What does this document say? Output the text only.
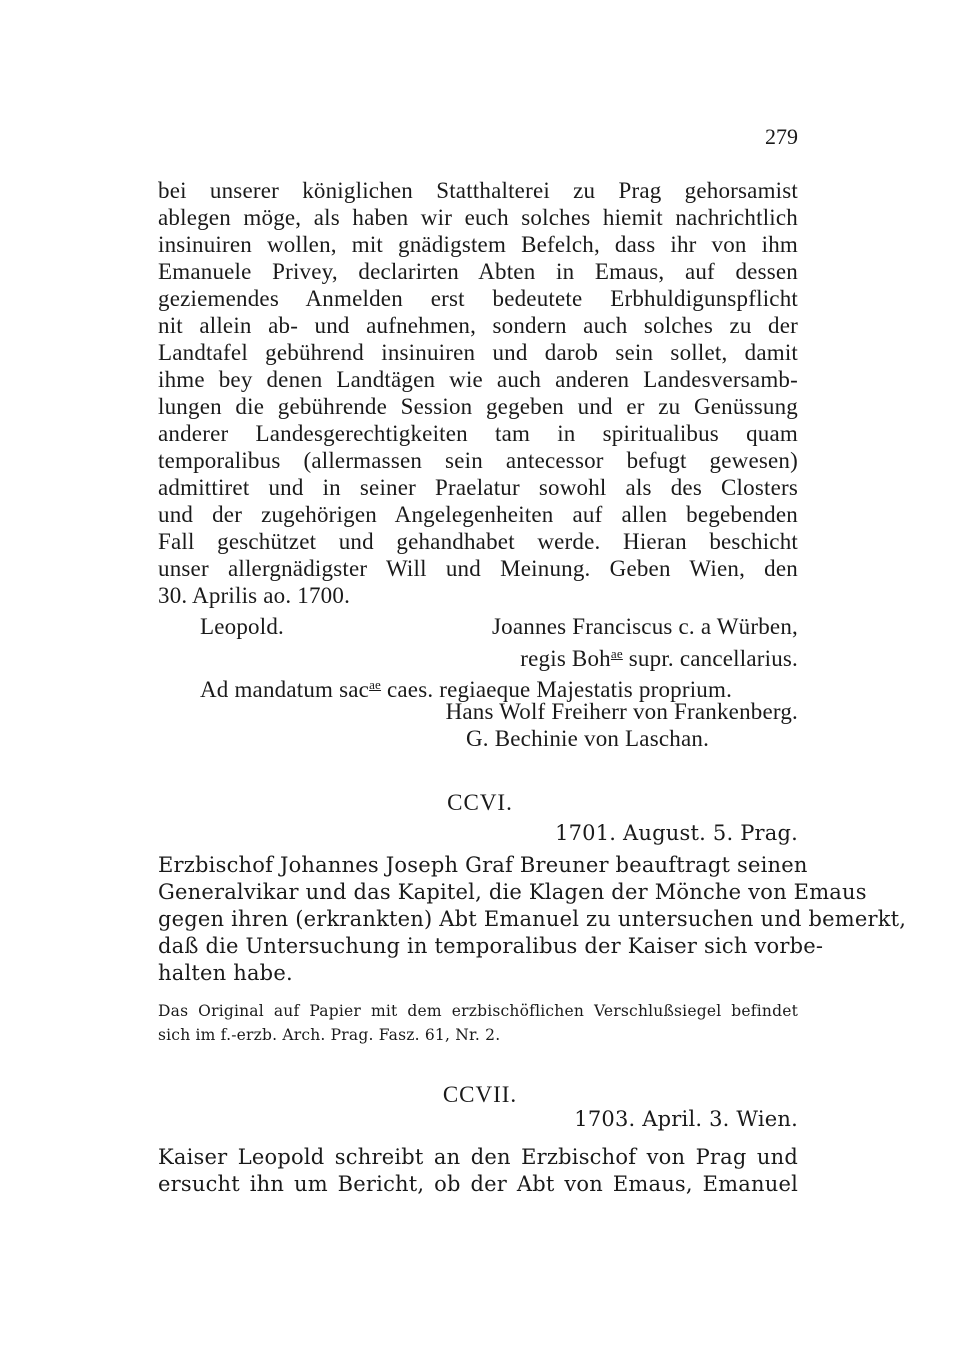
279
bei unserer königlichen Statthalterei zu Prag gehorsamist
ablegen möge, als haben wir euch solches hiemit nachrichtlich
insinuiren wollen, mit gnädigstem Befelch, dass ihr von ihm
Emanuele Privey, declarirten Abten in Emaus, auf dessen
geziemendes Anmelden erst bedeutete Erbhuldigunspflicht
nit allein ab- und aufnehmen, sondern auch solches zu der
Landtafel gebührend insinuiren und darob sein sollet, damit
ihme bey denen Landtägen wie auch anderen Landesversamb-
lungen die gebührende Session gegeben und er zu Genüssung
anderer Landesgerechtigkeiten tam in spiritualibus quam
temporalibus (allermassen sein antecessor befugt gewesen)
admittiret und in seiner Praelatur sowohl als des Closters
und der zugehörigen Angelegenheiten auf allen begebenden
Fall geschützet und gehandhabet werde. Hieran beschicht
unser allergnädigster Will und Meinung. Geben Wien, den
30. Aprilis ao. 1700.
Leopold.	Joannes Franciscus c. a Würben,
regis Boh$^{ae}$ supr. cancellarius.
Ad mandatum sac$^{ae}$ caes. regiaeque Majestatis proprium.
Hans Wolf Freiherr von Frankenberg.
G. Bechinie von Laschan.
CCVI.
1701. August. 5. Prag.
Erzbischof Johannes Joseph Graf Breuner beauftragt seinen
Generalvikar und das Kapitel, die Klagen der Mönche von Emaus
gegen ihren (erkrankten) Abt Emanuel zu untersuchen und bemerkt,
daß die Untersuchung in temporalibus der Kaiser sich vorbe-
halten habe.
Das Original auf Papier mit dem erzbischöflichen Verschlußsiegel befindet
sich im f.-erzb. Arch. Prag. Fasz. 61, Nr. 2.
CCVII.
1703. April. 3. Wien.
Kaiser Leopold schreibt an den Erzbischof von Prag und
ersucht ihn um Bericht, ob der Abt von Emaus, Emanuel
